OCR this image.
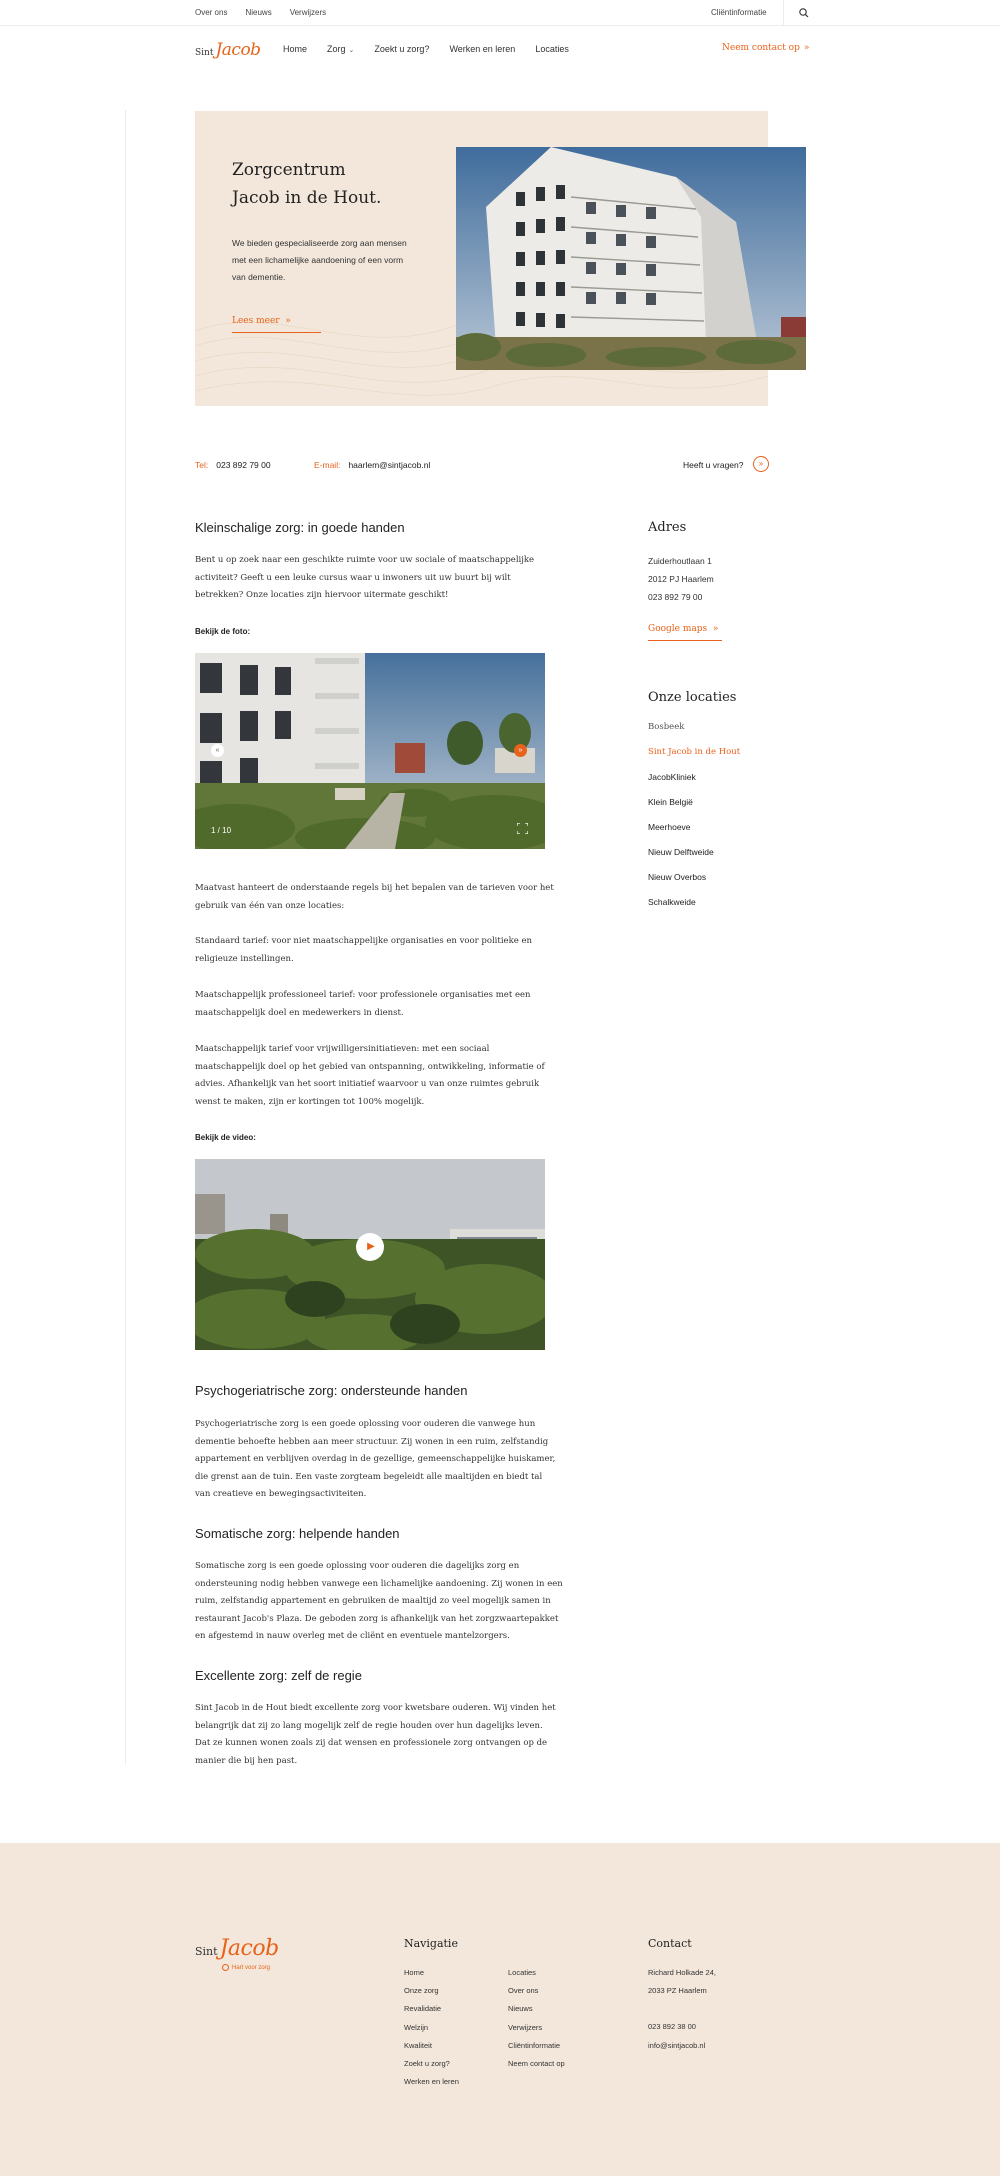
Over ons Nieuws Verwijzers	Cliëntinformatie
Sint Jacob Home Zorg ⌄ Zoekt u zorg? Werken en leren Locaties	Neem contact op »
Zorgcentrum
Jacob in de Hout.

We bieden gespecialiseerde zorg aan mensen met een lichamelijke aandoening of een vorm van dementie.

Lees meer  »
Tel: 023 892 79 00	E-mail: haarlem@sintjacob.nl	Heeft u vragen?	»
Kleinschalige zorg: in goede handen

Bent u op zoek naar een geschikte ruimte voor uw sociale of maatschappelijke activiteit? Geeft u een leuke cursus waar u inwoners uit uw buurt bij wilt betrekken? Onze locaties zijn hiervoor uitermate geschikt!

Bekijk de foto:
«	»
1 / 10

Maatvast hanteert de onderstaande regels bij het bepalen van de tarieven voor het gebruik van één van onze locaties:

Standaard tarief: voor niet maatschappelijke organisaties en voor politieke en religieuze instellingen.

Maatschappelijk professioneel tarief: voor professionele organisaties met een maatschappelijk doel en medewerkers in dienst.

Maatschappelijk tarief voor vrijwilligersinitiatieven: met een sociaal maatschappelijk doel op het gebied van ontspanning, ontwikkeling, informatie of advies. Afhankelijk van het soort initiatief waarvoor u van onze ruimtes gebruik wenst te maken, zijn er kortingen tot 100% mogelijk.

Bekijk de video:
▶
Psychogeriatrische zorg: ondersteunde handen

Psychogeriatrische zorg is een goede oplossing voor ouderen die vanwege hun dementie behoefte hebben aan meer structuur. Zij wonen in een ruim, zelfstandig appartement en verblijven overdag in de gezellige, gemeenschappelijke huiskamer, die grenst aan de tuin. Een vaste zorgteam begeleidt alle maaltijden en biedt tal van creatieve en bewegingsactiviteiten.

Somatische zorg: helpende handen

Somatische zorg is een goede oplossing voor ouderen die dagelijks zorg en ondersteuning nodig hebben vanwege een lichamelijke aandoening. Zij wonen in een ruim, zelfstandig appartement en gebruiken de maaltijd zo veel mogelijk samen in restaurant Jacob's Plaza. De geboden zorg is afhankelijk van het zorgzwaartepakket en afgestemd in nauw overleg met de cliënt en eventuele mantelzorgers.

Excellente zorg: zelf de regie

Sint Jacob in de Hout biedt excellente zorg voor kwetsbare ouderen. Wij vinden het belangrijk dat zij zo lang mogelijk zelf de regie houden over hun dagelijks leven. Dat ze kunnen wonen zoals zij dat wensen en professionele zorg ontvangen op de manier die bij hen past.

Adres
Zuiderhoutlaan 1
2012 PJ Haarlem
023 892 79 00
Google maps  »
Onze locaties
Bosbeek
Sint Jacob in de Hout
JacobKliniek
Klein België
Meerhoeve
Nieuw Delftweide
Nieuw Overbos
Schalkweide
Sint Jacob
Hart voor zorg
Navigatie
Home
Onze zorg
Revalidatie
Welzijn
Kwaliteit
Zoekt u zorg?
Werken en leren
Locaties
Over ons
Nieuws
Verwijzers
Cliëntinformatie
Neem contact op
Contact
Richard Holkade 24,
2033 PZ Haarlem
023 892 38 00
info@sintjacob.nl
